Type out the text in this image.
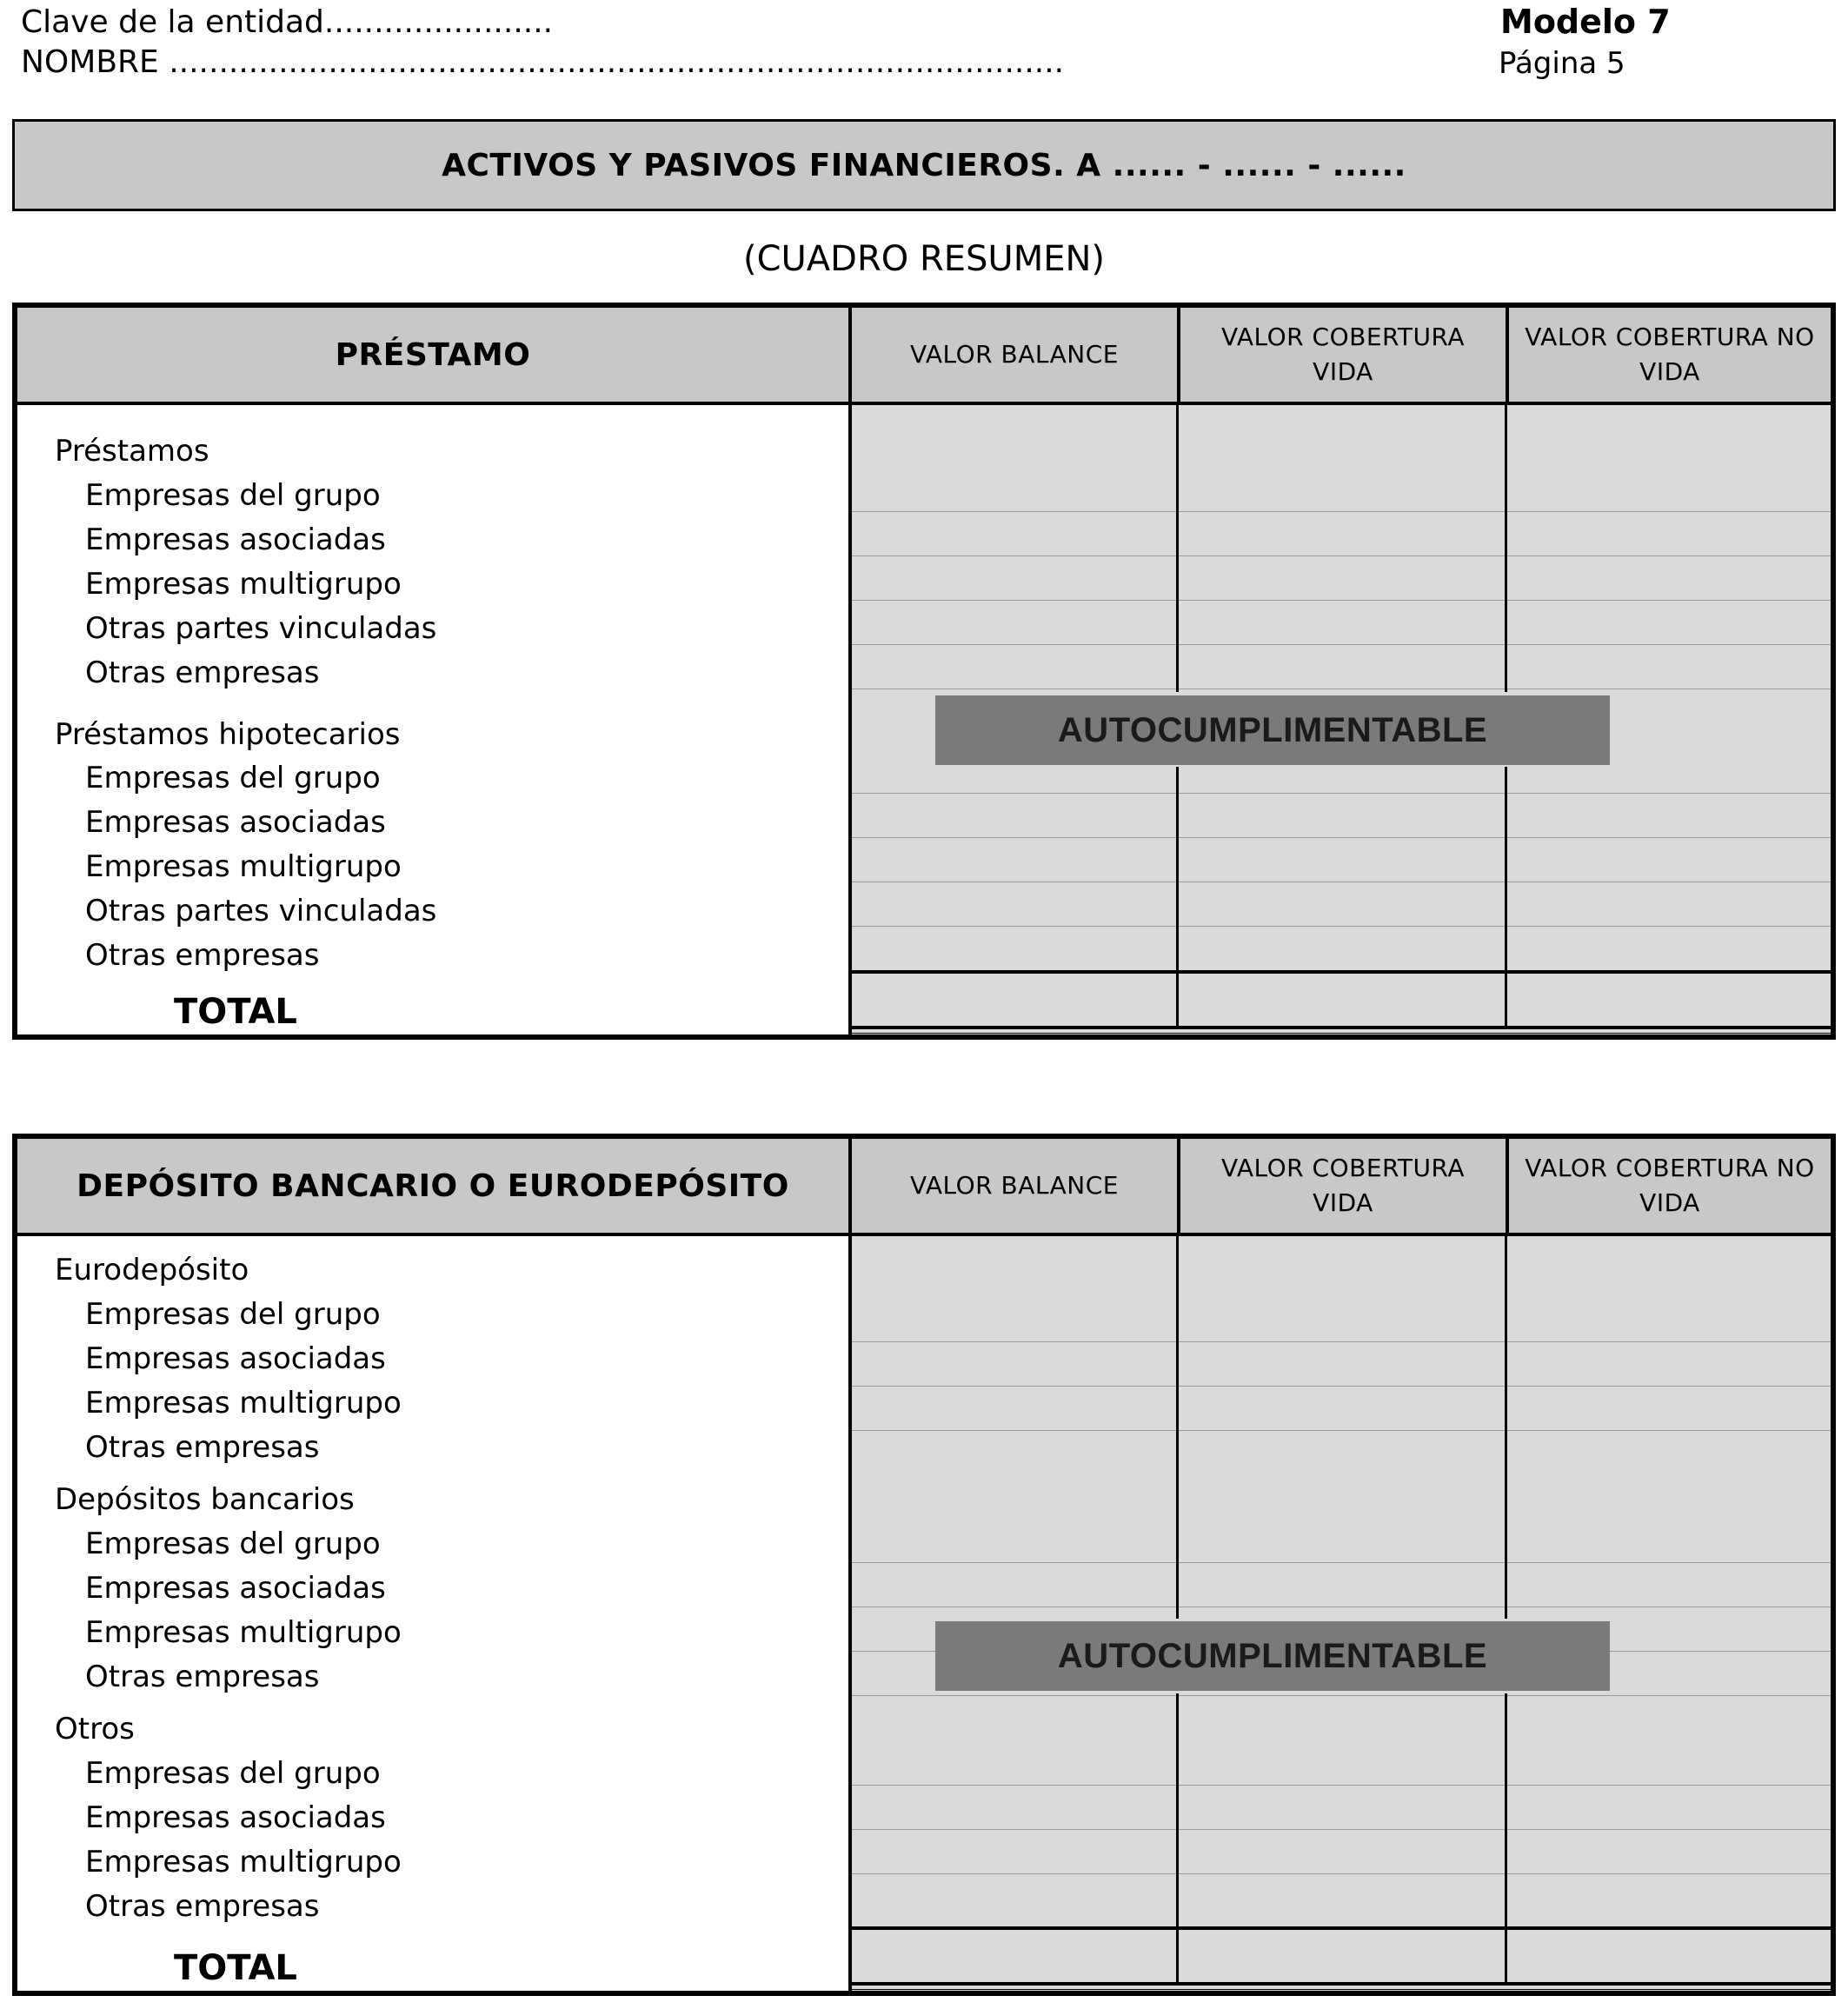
Clave de la entidad.......................
NOMBRE ..........................................................................................
Modelo 7
Página 5
ACTIVOS Y PASIVOS FINANCIEROS. A ...... - ...... - ......
(CUADRO RESUMEN)
PRÉSTAMO	VALOR BALANCE
VALOR COBERTURA VIDA
VALOR COBERTURA NO VIDA
Préstamos
Empresas del grupo
Empresas asociadas
Empresas multigrupo
Otras partes vinculadas
Otras empresas
Préstamos hipotecarios
Empresas del grupo
Empresas asociadas
Empresas multigrupo
Otras partes vinculadas
Otras empresas
TOTAL
AUTOCUMPLIMENTABLE
DEPÓSITO BANCARIO O EURODEPÓSITO	VALOR BALANCE
VALOR COBERTURA VIDA
VALOR COBERTURA NO VIDA
Eurodepósito
Empresas del grupo
Empresas asociadas
Empresas multigrupo
Otras empresas
Depósitos bancarios
Empresas del grupo
Empresas asociadas
Empresas multigrupo
Otras empresas
Otros
Empresas del grupo
Empresas asociadas
Empresas multigrupo
Otras empresas
TOTAL
AUTOCUMPLIMENTABLE
